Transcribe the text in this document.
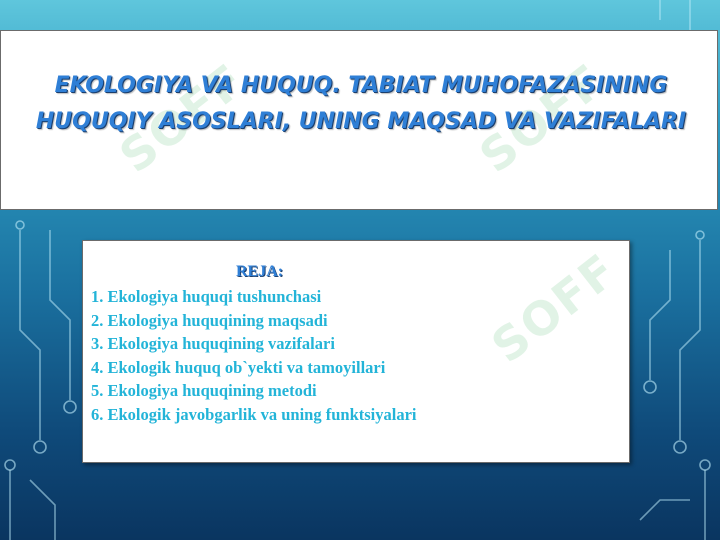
SOFF	SOFF
EKOLOGIYA VA HUQUQ. TABIAT MUHOFAZASINING HUQUQIY ASOSLARI, UNING MAQSAD VA VAZIFALARI
SOFF
REJA:
1. Ekologiya huquqi tushunchasi
2. Ekologiya huquqining maqsadi
3. Ekologiya huquqining vazifalari
4. Ekologik huquq ob`yekti va tamoyillari
5. Ekologiya huquqining metodi
6. Ekologik javobgarlik va uning funktsiyalari
